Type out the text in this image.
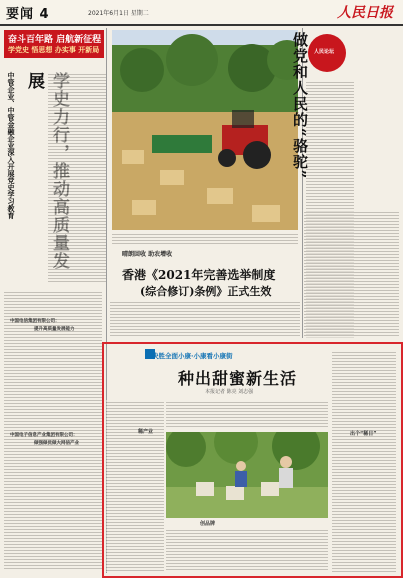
要闻 4	2021年6月1日 星期二	人民日报
奋斗百年路 启航新征程
学党史 悟思想 办实事 开新局
展
中管企业、中管金融企业深入开展党史学习教育
中国电信集团有限公司：
提升高质量发展能力
中国电子信息产业集团有限公司：
做强做优做大网信产业
晴朗回收 助农增收
香港《2021年完善选举制度
(综合修订)条例》正式生效
人民论坛
做党和人民的“骆驼”
决胜全面小康·小康看小康街
种出甜蜜新生活
本报记者 陈亮 刘志强
稀产业	出个“稀日”
创品牌
